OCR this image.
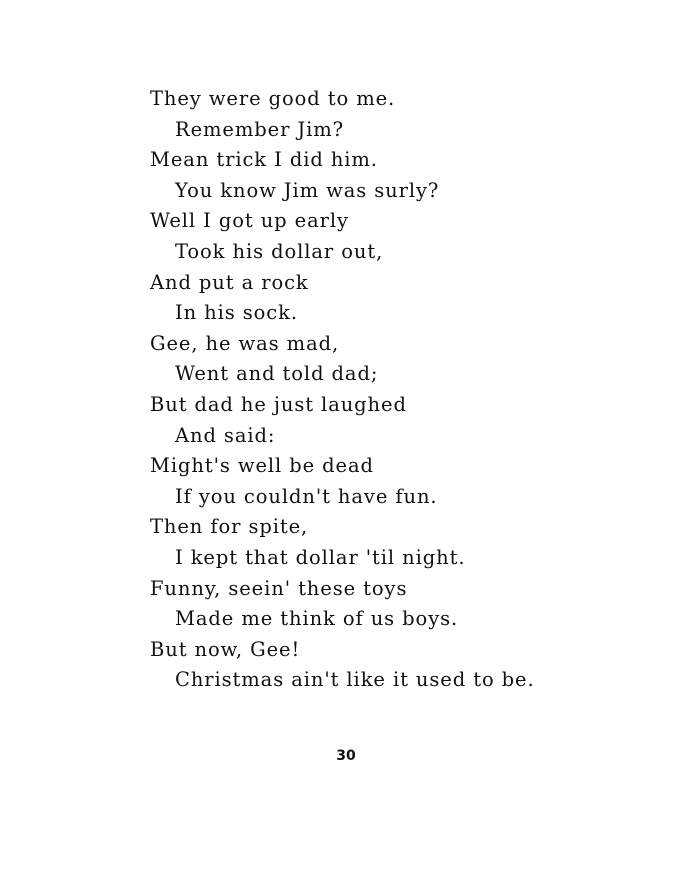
They were good to me.
Remember Jim?
Mean trick I did him.
You know Jim was surly?
Well I got up early
Took his dollar out,
And put a rock
In his sock.
Gee, he was mad,
Went and told dad;
But dad he just laughed
And said:
Might's well be dead
If you couldn't have fun.
Then for spite,
I kept that dollar 'til night.
Funny, seein' these toys
Made me think of us boys.
But now, Gee!
Christmas ain't like it used to be.
30
